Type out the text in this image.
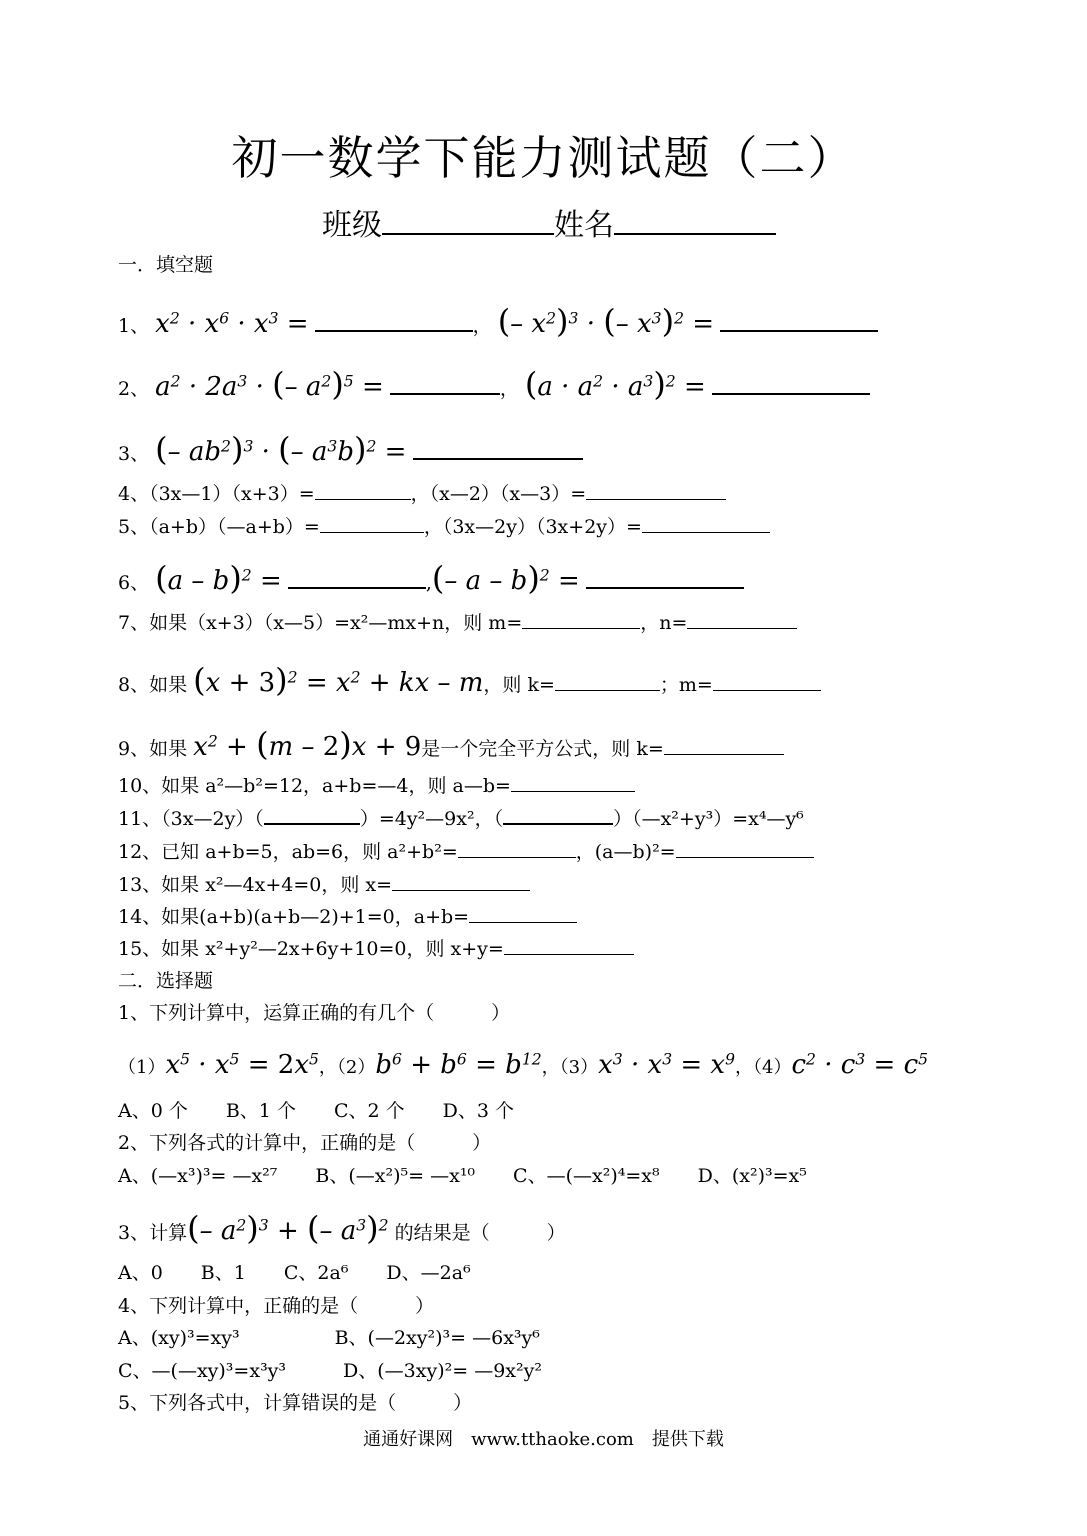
初一数学下能力测试题（二）
班级	姓名
一．填空题
1、 $x^2 \cdot x^6 \cdot x^3$ =	， (– $x^2)^3$ · (– $x^3)^2$ =
2、 $a^2 \cdot 2a^3$ · (– $a^2)^5$ =	， $(a \cdot a^2 \cdot a^3)^2$ =
3、 (– $ab^2)^3$ · (– $a^3b)^2$ =
4、（3x—1）（x+3）=	，（x—2）（x—3）=
5、（a+b）（—a+b）=	，（3x—2y）（3x+2y）=
6、 (a – b)$^2$ =	,(– a – b)$^2$ =
7、如果（x+3）（x—5）=x²—mx+n，则 m=	，n=
8、如果 $(x + 3)^2 = x^2$ + kx – m，则 k=	；m=
9、如果 $x^2 + (m - 2)x + 9$是一个完全平方公式，则 k=
10、如果 a²—b²=12，a+b=—4，则 a—b=
11、（3x—2y）（	）=4y²—9x²，（	）（—x²+y³）=x⁴—y⁶
12、已知 a+b=5，ab=6，则 a²+b²=	，(a—b)²=
13、如果 x²—4x+4=0，则 x=
14、如果(a+b)(a+b—2)+1=0，a+b=
15、如果 x²+y²—2x+6y+10=0，则 x+y=
二．选择题
1、下列计算中，运算正确的有几个（　　　）
$(1)x^5 \cdot x^5 = 2x^5$，$(2)b^6 + b^6 = b^{12}$，$(3)x^3 \cdot x^3 = x^9$，$(4)c^2 \cdot c^3 = c^5$
A、0 个　　B、1 个　　C、2 个　　D、3 个
2、下列各式的计算中，正确的是（　　　）
A、(—x³)³= —x²⁷　　B、(—x²)⁵= —x¹⁰　　C、—(—x²)⁴=x⁸　　D、(x²)³=x⁵
3、计算(– $a^2)^3$ + (– $a^3)^2$ 的结果是（　　　）
A、0　　B、1　　C、2a⁶　　D、—2a⁶
4、下列计算中，正确的是（　　　）
A、(xy)³=xy³　　　　　B、(—2xy²)³= —6x³y⁶
C、—(—xy)³=x³y³　　　D、(—3xy)²= —9x²y²
5、下列各式中，计算错误的是（　　　）
通通好课网　www.tthaoke.com　提供下载
